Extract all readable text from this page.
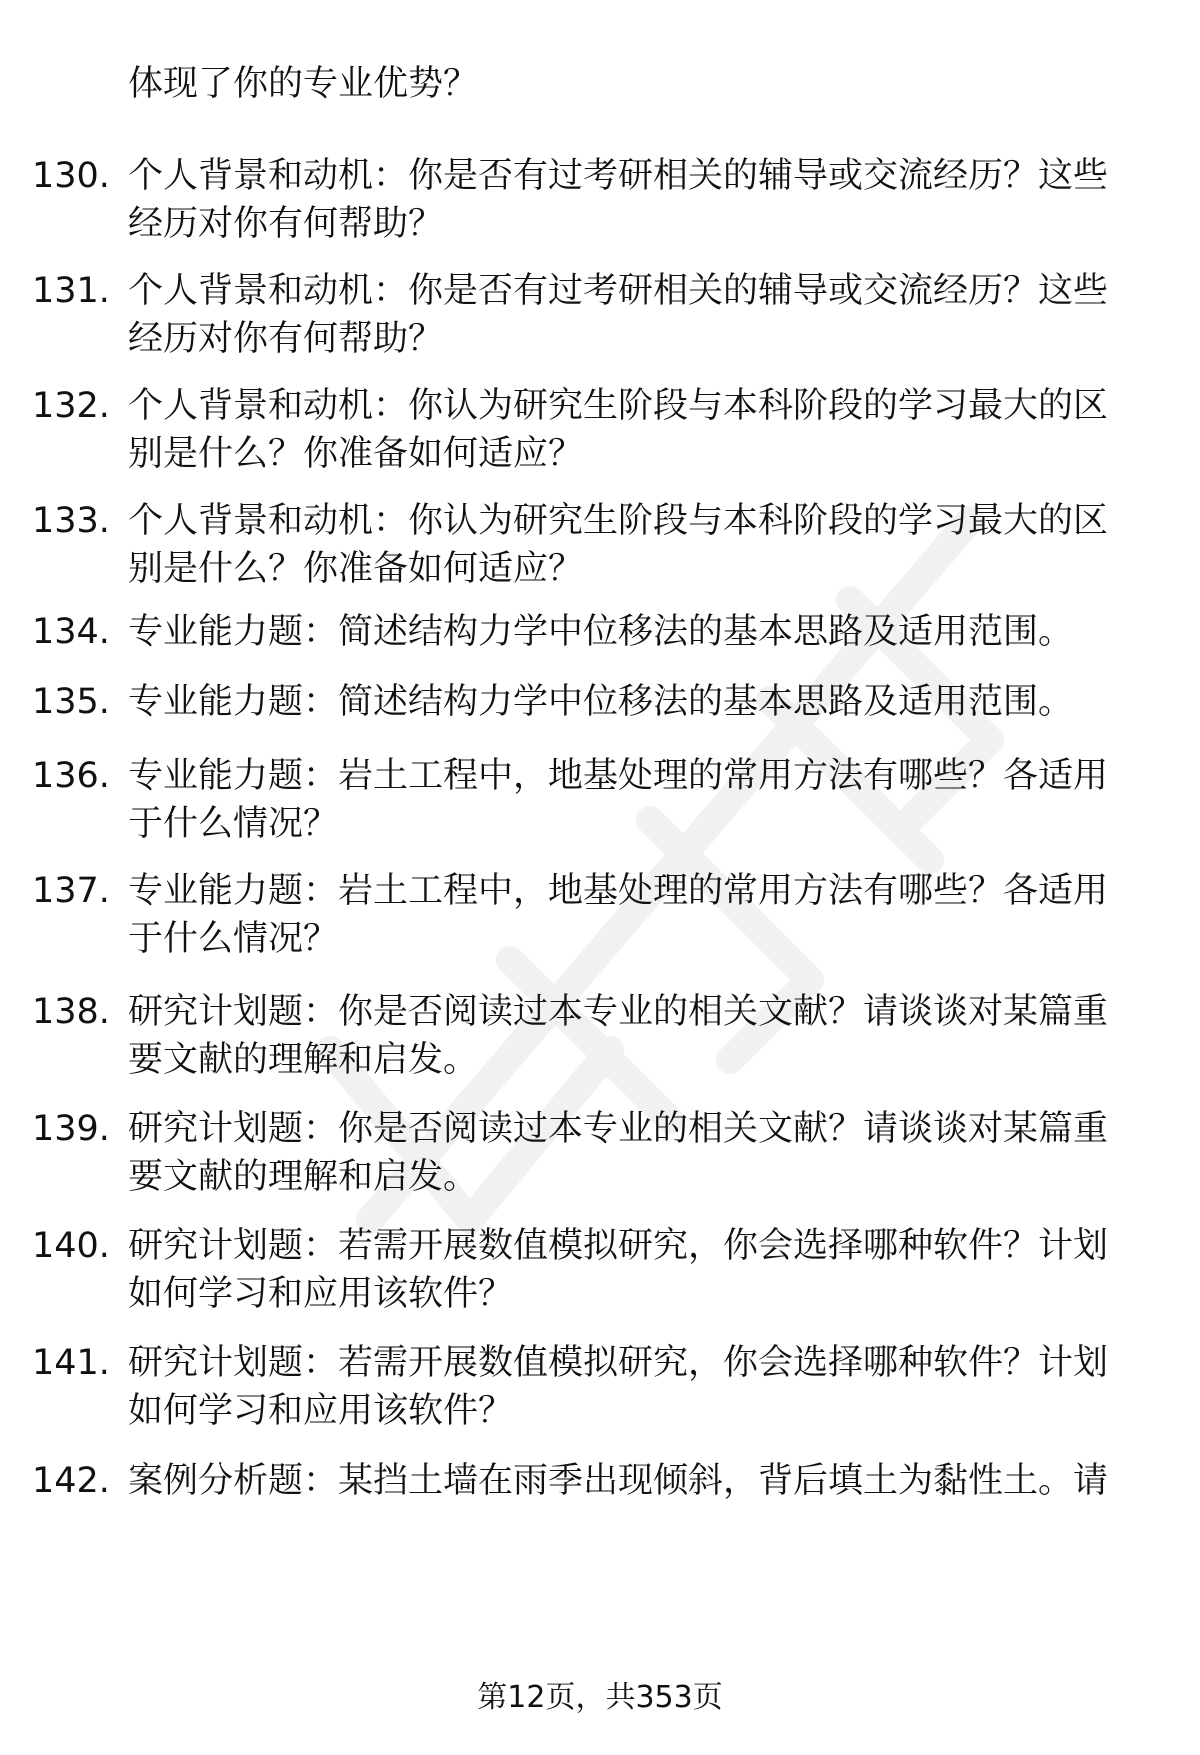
体现了你的专业优势？
130. 个人背景和动机：你是否有过考研相关的辅导或交流经历？这些
经历对你有何帮助？
131. 个人背景和动机：你是否有过考研相关的辅导或交流经历？这些
经历对你有何帮助？
132. 个人背景和动机：你认为研究生阶段与本科阶段的学习最大的区
别是什么？你准备如何适应？
133. 个人背景和动机：你认为研究生阶段与本科阶段的学习最大的区
别是什么？你准备如何适应？
134. 专业能力题：简述结构力学中位移法的基本思路及适用范围。
135. 专业能力题：简述结构力学中位移法的基本思路及适用范围。
136. 专业能力题：岩土工程中，地基处理的常用方法有哪些？各适用
于什么情况？
137. 专业能力题：岩土工程中，地基处理的常用方法有哪些？各适用
于什么情况？
138. 研究计划题：你是否阅读过本专业的相关文献？请谈谈对某篇重
要文献的理解和启发。
139. 研究计划题：你是否阅读过本专业的相关文献？请谈谈对某篇重
要文献的理解和启发。
140. 研究计划题：若需开展数值模拟研究，你会选择哪种软件？计划
如何学习和应用该软件？
141. 研究计划题：若需开展数值模拟研究，你会选择哪种软件？计划
如何学习和应用该软件？
142. 案例分析题：某挡土墙在雨季出现倾斜，背后填土为黏性土。请
第12页，共353页
